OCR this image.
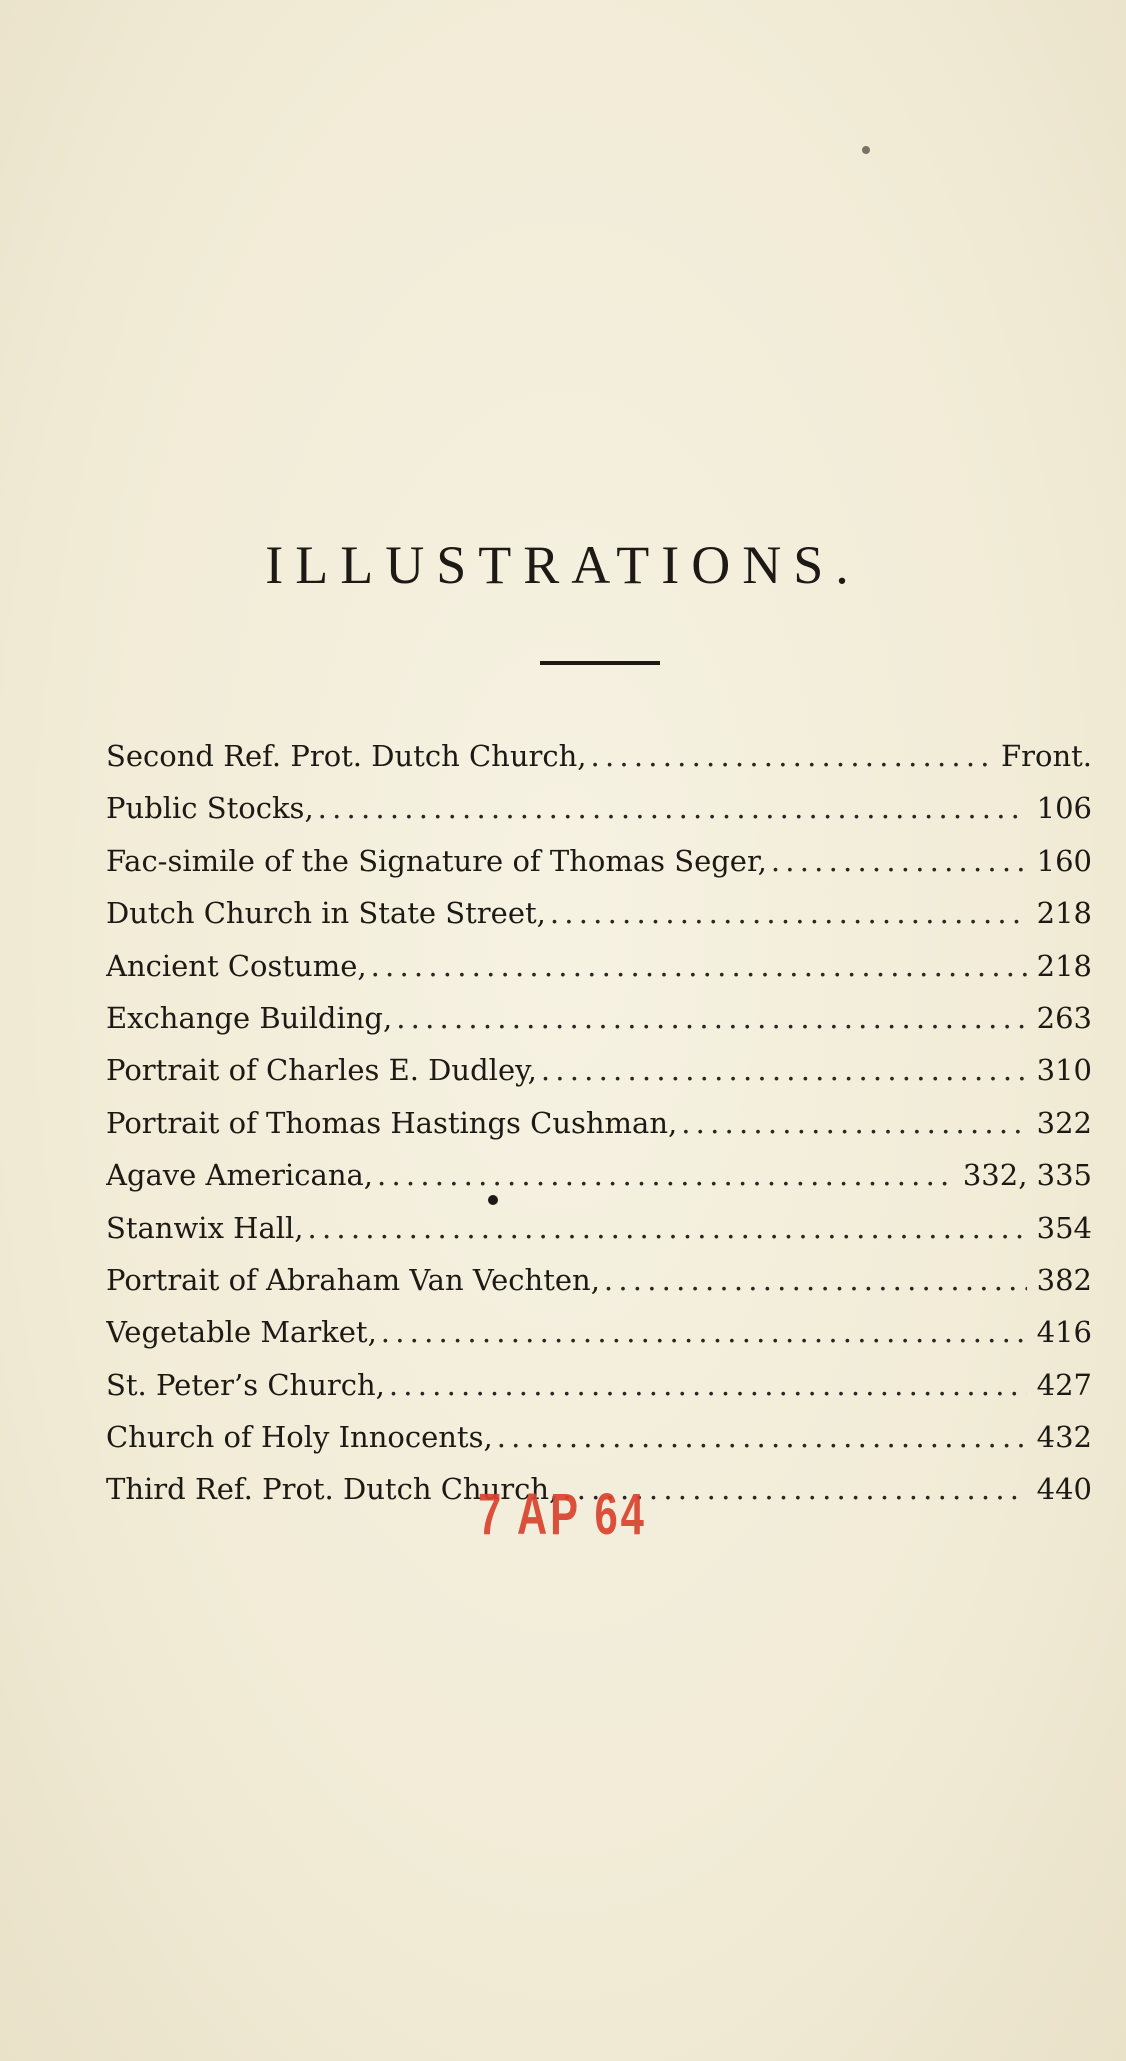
ILLUSTRATIONS.
Second Ref. Prot. Dutch Church, . . .	Front.
Public Stocks, . . .	106
Fac-simile of the Signature of Thomas Seger, . . .	160
Dutch Church in State Street, . . .	218
Ancient Costume, . . .	218
Exchange Building, . . .	263
Portrait of Charles E. Dudley, . . .	310
Portrait of Thomas Hastings Cushman, . . .	322
Agave Americana, . . .	332, 335
Stanwix Hall, . . .	354
Portrait of Abraham Van Vechten, . . .	382
Vegetable Market, . . .	416
St. Peter’s Church, . . .	427
Church of Holy Innocents, . . .	432
Third Ref. Prot. Dutch Church, . . .	440
7 AP 64
